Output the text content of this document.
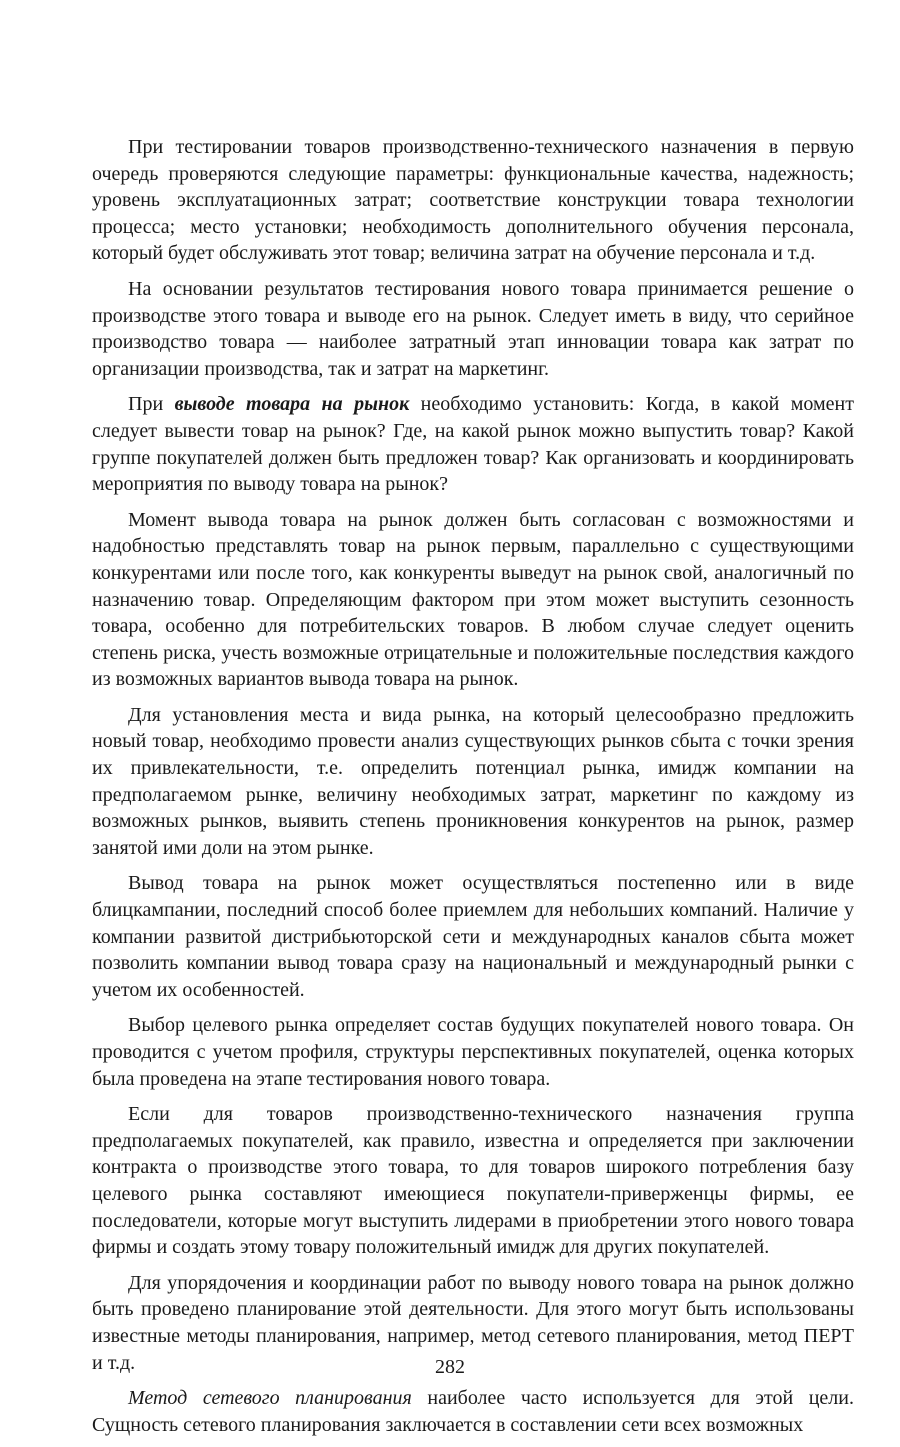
При тестировании товаров производственно-технического назначения в первую очередь проверяются следующие параметры: функциональные качества, надежность; уровень эксплуатационных затрат; соответствие конструкции товара технологии процесса; место установки; необходимость дополнительного обучения персонала, который будет обслуживать этот товар; величина затрат на обучение персонала и т.д.

На основании результатов тестирования нового товара принимается решение о производстве этого товара и выводе его на рынок. Следует иметь в виду, что серийное производство товара — наиболее затратный этап инновации товара как затрат по организации производства, так и затрат на маркетинг.

При выводе товара на рынок необходимо установить: Когда, в какой момент следует вывести товар на рынок? Где, на какой рынок можно выпустить товар? Какой группе покупателей должен быть предложен товар? Как организовать и координировать мероприятия по выводу товара на рынок?

Момент вывода товара на рынок должен быть согласован с возможностями и надобностью представлять товар на рынок первым, параллельно с существующими конкурентами или после того, как конкуренты выведут на рынок свой, аналогичный по назначению товар. Определяющим фактором при этом может выступить сезонность товара, особенно для потребительских товаров. В любом случае следует оценить степень риска, учесть возможные отрицательные и положительные последствия каждого из возможных вариантов вывода товара на рынок.

Для установления места и вида рынка, на который целесообразно предложить новый товар, необходимо провести анализ существующих рынков сбыта с точки зрения их привлекательности, т.е. определить потенциал рынка, имидж компании на предполагаемом рынке, величину необходимых затрат, маркетинг по каждому из возможных рынков, выявить степень проникновения конкурентов на рынок, размер занятой ими доли на этом рынке.

Вывод товара на рынок может осуществляться постепенно или в виде блицкампании, последний способ более приемлем для небольших компаний. Наличие у компании развитой дистрибьюторской сети и международных каналов сбыта может позволить компании вывод товара сразу на национальный и международный рынки с учетом их особенностей.

Выбор целевого рынка определяет состав будущих покупателей нового товара. Он проводится с учетом профиля, структуры перспективных покупателей, оценка которых была проведена на этапе тестирования нового товара.

Если для товаров производственно-технического назначения группа предполагаемых покупателей, как правило, известна и определяется при заключении контракта о производстве этого товара, то для товаров широкого потребления базу целевого рынка составляют имеющиеся покупатели-приверженцы фирмы, ее последователи, которые могут выступить лидерами в приобретении этого нового товара фирмы и создать этому товару положительный имидж для других покупателей.

Для упорядочения и координации работ по выводу нового товара на рынок должно быть проведено планирование этой деятельности. Для этого могут быть использованы известные методы планирования, например, метод сетевого планирования, метод ПЕРТ и т.д.

Метод сетевого планирования наиболее часто используется для этой цели. Сущность сетевого планирования заключается в составлении сети всех возможных

282
